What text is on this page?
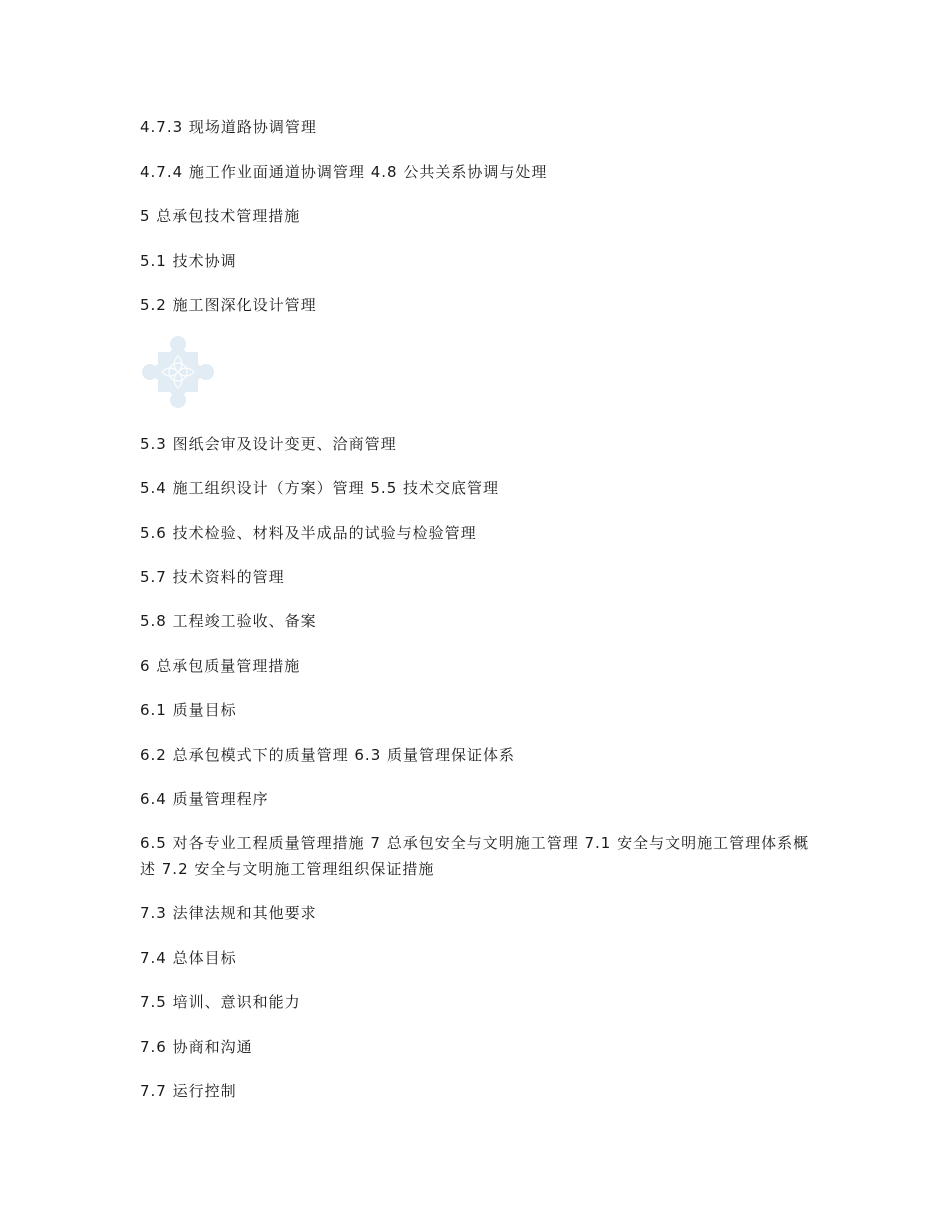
4.7.3 现场道路协调管理
4.7.4 施工作业面通道协调管理 4.8 公共关系协调与处理
5 总承包技术管理措施
5.1 技术协调
5.2 施工图深化设计管理
5.3 图纸会审及设计变更、洽商管理
5.4 施工组织设计（方案）管理 5.5 技术交底管理
5.6 技术检验、材料及半成品的试验与检验管理
5.7 技术资料的管理
5.8 工程竣工验收、备案
6 总承包质量管理措施
6.1 质量目标
6.2 总承包模式下的质量管理 6.3 质量管理保证体系
6.4 质量管理程序
6.5 对各专业工程质量管理措施 7 总承包安全与文明施工管理 7.1 安全与文明施工管理体系概述 7.2 安全与文明施工管理组织保证措施
7.3 法律法规和其他要求
7.4 总体目标
7.5 培训、意识和能力
7.6 协商和沟通
7.7 运行控制
